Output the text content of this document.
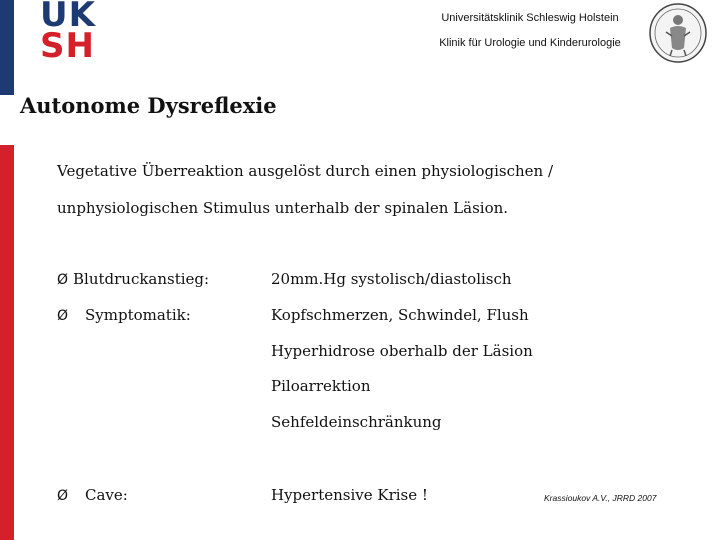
UK
SH
Universitätsklinik Schleswig Holstein
Klinik für Urologie und Kinderurologie
Autonome Dysreflexie
Vegetative Überreaktion ausgelöst durch einen physiologischen /
unphysiologischen Stimulus unterhalb der spinalen Läsion.
Ø Blutdruckanstieg:	20mm.Hg systolisch/diastolisch
Ø Symptomatik:	Kopfschmerzen, Schwindel, Flush
Hyperhidrose oberhalb der Läsion
Piloarrektion
Sehfeldeinschränkung
Ø Cave:	Hypertensive Krise !	Krassioukov A.V., JRRD 2007
